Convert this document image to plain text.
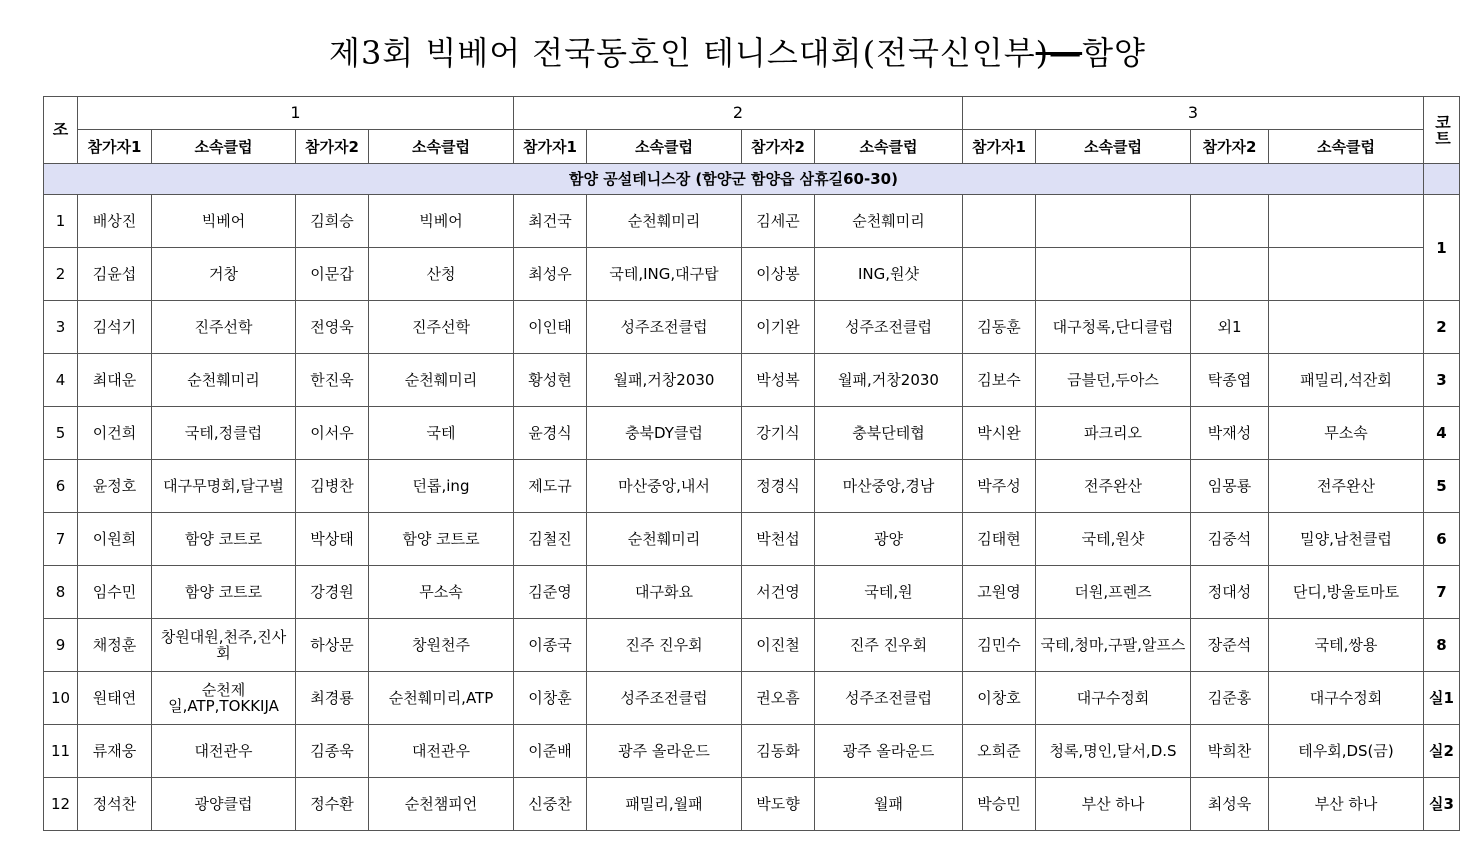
제3회 빅베어 전국동호인 테니스대회(전국신인부)—함양
조	1				2				3				코트
	참가자1	소속클럽	참가자2	소속클럽	참가자1	소속클럽	참가자2	소속클럽	참가자1	소속클럽	참가자2	소속클럽	
함양 공설테니스장 (함양군 함양읍 삼휴길60-30)													
1	배상진	빅베어	김희승	빅베어	최건국	순천훼미리	김세곤	순천훼미리					1
2	김윤섭	거창	이문갑	산청	최성우	국테,ING,대구탑	이상봉	ING,원샷					
3	김석기	진주선학	전영욱	진주선학	이인태	성주조전클럽	이기완	성주조전클럽	김동훈	대구청록,단디클럽	외1		2
4	최대운	순천훼미리	한진욱	순천훼미리	황성현	월패,거창2030	박성복	월패,거창2030	김보수	금블던,두아스	탁종엽	패밀리,석잔회	3
5	이건희	국테,정클럽	이서우	국테	윤경식	충북DY클럽	강기식	충북단테협	박시완	파크리오	박재성	무소속	4
6	윤정호	대구무명회,달구벌	김병찬	던롭,ing	제도규	마산중앙,내서	정경식	마산중앙,경남	박주성	전주완산	임몽룡	전주완산	5
7	이원희	함양 코트로	박상태	함양 코트로	김철진	순천훼미리	박천섭	광양	김태현	국테,원샷	김중석	밀양,남천클럽	6
8	임수민	함양 코트로	강경원	무소속	김준영	대구화요	서건영	국테,원	고원영	더원,프렌즈	정대성	단디,방울토마토	7
9	채정훈	창원대원,천주,진사회	하상문	창원천주	이종국	진주 진우회	이진철	진주 진우회	김민수	국테,청마,구팔,알프스	장준석	국테,쌍용	8
10	원태연	순천제일,ATP,TOKKIJA	최경룡	순천훼미리,ATP	이창훈	성주조전클럽	권오흠	성주조전클럽	이창호	대구수정회	김준홍	대구수정회	실1
11	류재웅	대전관우	김종욱	대전관우	이준배	광주 올라운드	김동화	광주 올라운드	오희준	청록,명인,달서,D.S	박희찬	테우회,DS(금)	실2
12	정석찬	광양클럽	정수환	순천챔피언	신중찬	패밀리,월패	박도향	월패	박승민	부산 하나	최성욱	부산 하나	실3
